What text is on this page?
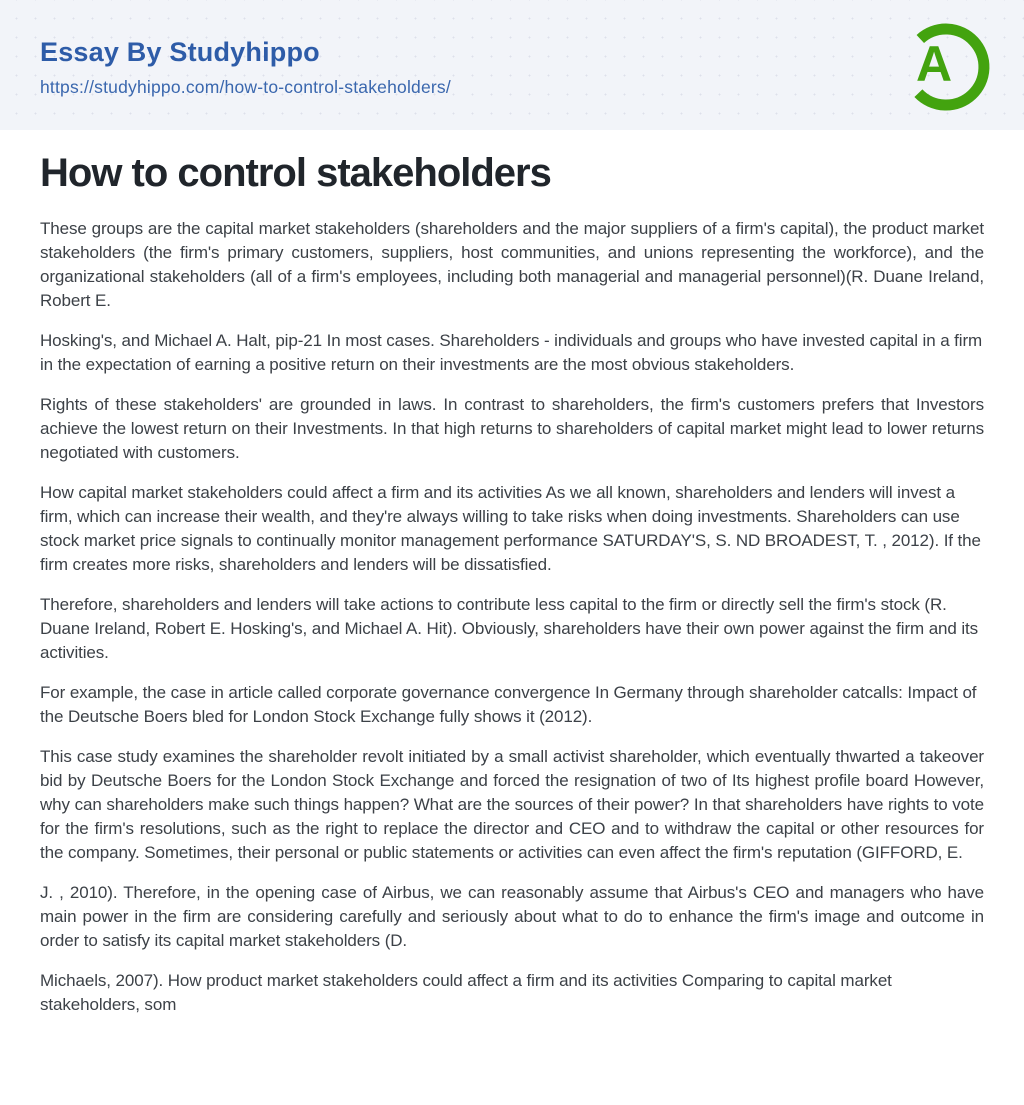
Essay By Studyhippo
https://studyhippo.com/how-to-control-stakeholders/	A
How to control stakeholders

These groups are the capital market stakeholders (shareholders and the major suppliers of a firm's capital), the product market stakeholders (the firm's primary customers, suppliers, host communities, and unions representing the workforce), and the organizational stakeholders (all of a firm's employees, including both managerial and managerial personnel)(R. Duane Ireland, Robert E.

Hosking's, and Michael A. Halt, pip-21 In most cases. Shareholders - individuals and groups who have invested capital in a firm in the expectation of earning a positive return on their investments are the most obvious stakeholders.

Rights of these stakeholders' are grounded in laws. In contrast to shareholders, the firm's customers prefers that Investors achieve the lowest return on their Investments. In that high returns to shareholders of capital market might lead to lower returns negotiated with customers.

How capital market stakeholders could affect a firm and its activities As we all known, shareholders and lenders will invest a firm, which can increase their wealth, and they're always willing to take risks when doing investments. Shareholders can use stock market price signals to continually monitor management performance SATURDAY'S, S. ND BROADEST, T. , 2012). If the firm creates more risks, shareholders and lenders will be dissatisfied.

Therefore, shareholders and lenders will take actions to contribute less capital to the firm or directly sell the firm's stock (R. Duane Ireland, Robert E. Hosking's, and Michael A. Hit). Obviously, shareholders have their own power against the firm and its activities.

For example, the case in article called corporate governance convergence In Germany through shareholder catcalls: Impact of the Deutsche Boers bled for London Stock Exchange fully shows it (2012).

This case study examines the shareholder revolt initiated by a small activist shareholder, which eventually thwarted a takeover bid by Deutsche Boers for the London Stock Exchange and forced the resignation of two of Its highest profile board However, why can shareholders make such things happen? What are the sources of their power? In that shareholders have rights to vote for the firm's resolutions, such as the right to replace the director and CEO and to withdraw the capital or other resources for the company. Sometimes, their personal or public statements or activities can even affect the firm's reputation (GIFFORD, E.

J. , 2010). Therefore, in the opening case of Airbus, we can reasonably assume that Airbus's CEO and managers who have main power in the firm are considering carefully and seriously about what to do to enhance the firm's image and outcome in order to satisfy its capital market stakeholders (D.

Michaels, 2007). How product market stakeholders could affect a firm and its activities Comparing to capital market stakeholders, som
